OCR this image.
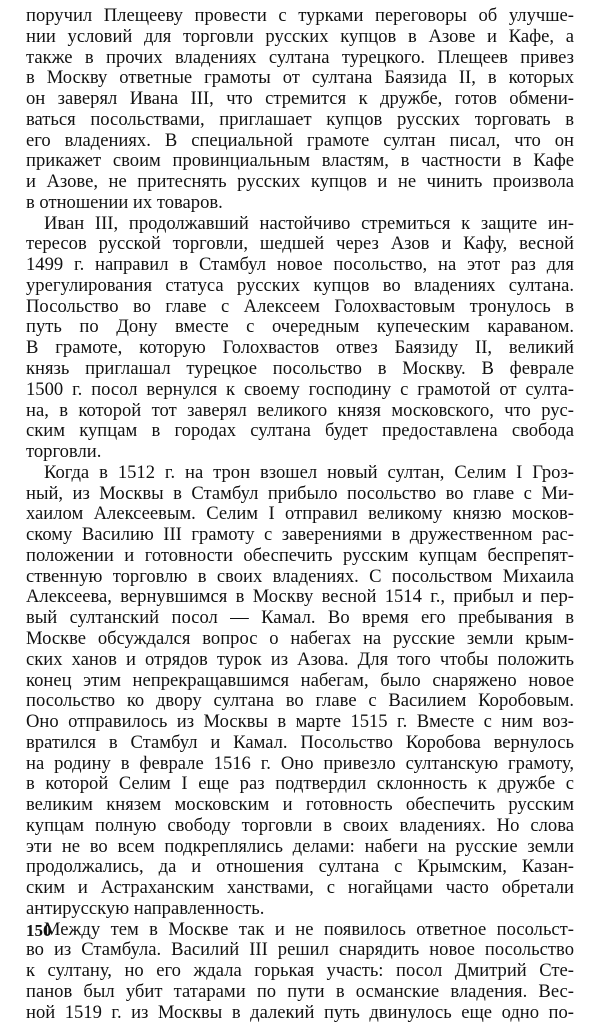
поручил Плещееву провести с турками переговоры об улучше-
нии условий для торговли русских купцов в Азове и Кафе, а
также в прочих владениях султана турецкого. Плещеев привез
в Москву ответные грамоты от султана Баязида II, в которых
он заверял Ивана III, что стремится к дружбе, готов обмени-
ваться посольствами, приглашает купцов русских торговать в
его владениях. В специальной грамоте султан писал, что он
прикажет своим провинциальным властям, в частности в Кафе
и Азове, не притеснять русских купцов и не чинить произвола
в отношении их товаров.
Иван III, продолжавший настойчиво стремиться к защите ин-
тересов русской торговли, шедшей через Азов и Кафу, весной
1499 г. направил в Стамбул новое посольство, на этот раз для
урегулирования статуса русских купцов во владениях султана.
Посольство во главе с Алексеем Голохвастовым тронулось в
путь по Дону вместе с очередным купеческим караваном.
В грамоте, которую Голохвастов отвез Баязиду II, великий
князь приглашал турецкое посольство в Москву. В феврале
1500 г. посол вернулся к своему господину с грамотой от султа-
на, в которой тот заверял великого князя московского, что рус-
ским купцам в городах султана будет предоставлена свобода
торговли.
Когда в 1512 г. на трон взошел новый султан, Селим I Гроз-
ный, из Москвы в Стамбул прибыло посольство во главе с Ми-
хаилом Алексеевым. Селим I отправил великому князю москов-
скому Василию III грамоту с заверениями в дружественном рас-
положении и готовности обеспечить русским купцам беспрепят-
ственную торговлю в своих владениях. С посольством Михаила
Алексеева, вернувшимся в Москву весной 1514 г., прибыл и пер-
вый султанский посол — Камал. Во время его пребывания в
Москве обсуждался вопрос о набегах на русские земли крым-
ских ханов и отрядов турок из Азова. Для того чтобы положить
конец этим непрекращавшимся набегам, было снаряжено новое
посольство ко двору султана во главе с Василием Коробовым.
Оно отправилось из Москвы в марте 1515 г. Вместе с ним воз-
вратился в Стамбул и Камал. Посольство Коробова вернулось
на родину в феврале 1516 г. Оно привезло султанскую грамоту,
в которой Селим I еще раз подтвердил склонность к дружбе с
великим князем московским и готовность обеспечить русским
купцам полную свободу торговли в своих владениях. Но слова
эти не во всем подкреплялись делами: набеги на русские земли
продолжались, да и отношения султана с Крымским, Казан-
ским и Астраханским ханствами, с ногайцами часто обретали
антирусскую направленность.
Между тем в Москве так и не появилось ответное посольст-
во из Стамбула. Василий III решил снарядить новое посольство
к султану, но его ждала горькая участь: посол Дмитрий Сте-
панов был убит татарами по пути в османские владения. Вес-
ной 1519 г. из Москвы в далекий путь двинулось еще одно по-
150
